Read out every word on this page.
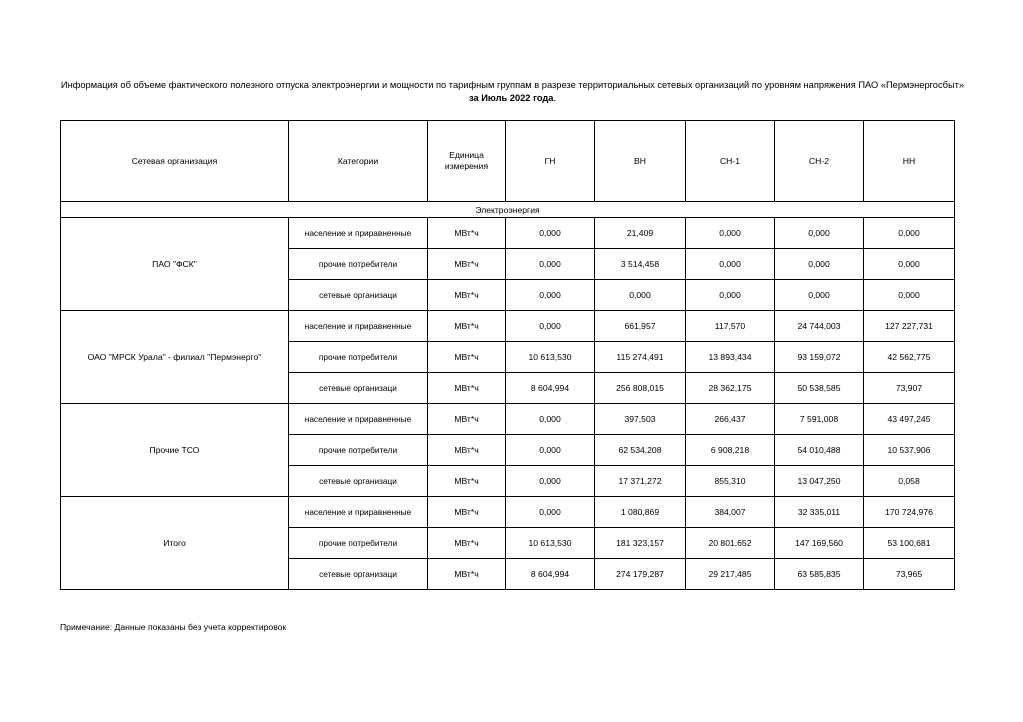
Информация об объеме фактического полезного отпуска электроэнергии и мощности по тарифным группам в разрезе территориальных сетевых организаций по уровням напряжения ПАО «Пермэнергосбыт»
за Июль 2022 года.
Сетевая организация	Категории	Единица измерения	ГН	ВН	СН-1	СН-2	НН
Электроэнергия							
ПАО "ФСК"	население и приравненные	МВт*ч	0,000	21,409	0,000	0,000	0,000
	прочие потребители	МВт*ч	0,000	3 514,458	0,000	0,000	0,000
	сетевые организаци	МВт*ч	0,000	0,000	0,000	0,000	0,000
ОАО "МРСК Урала" - филиал "Пермэнерго"	население и приравненные	МВт*ч	0,000	661,957	117,570	24 744,003	127 227,731
	прочие потребители	МВт*ч	10 613,530	115 274,491	13 893,434	93 159,072	42 562,775
	сетевые организаци	МВт*ч	8 604,994	256 808,015	28 362,175	50 538,585	73,907
Прочие ТСО	население и приравненные	МВт*ч	0,000	397,503	266,437	7 591,008	43 497,245
	прочие потребители	МВт*ч	0,000	62 534,208	6 908,218	54 010,488	10 537,906
	сетевые организаци	МВт*ч	0,000	17 371,272	855,310	13 047,250	0,058
Итого	население и приравненные	МВт*ч	0,000	1 080,869	384,007	32 335,011	170 724,976
	прочие потребители	МВт*ч	10 613,530	181 323,157	20 801,652	147 169,560	53 100,681
	сетевые организаци	МВт*ч	8 604,994	274 179,287	29 217,485	63 585,835	73,965
Примечание: Данные показаны без учета корректировок
